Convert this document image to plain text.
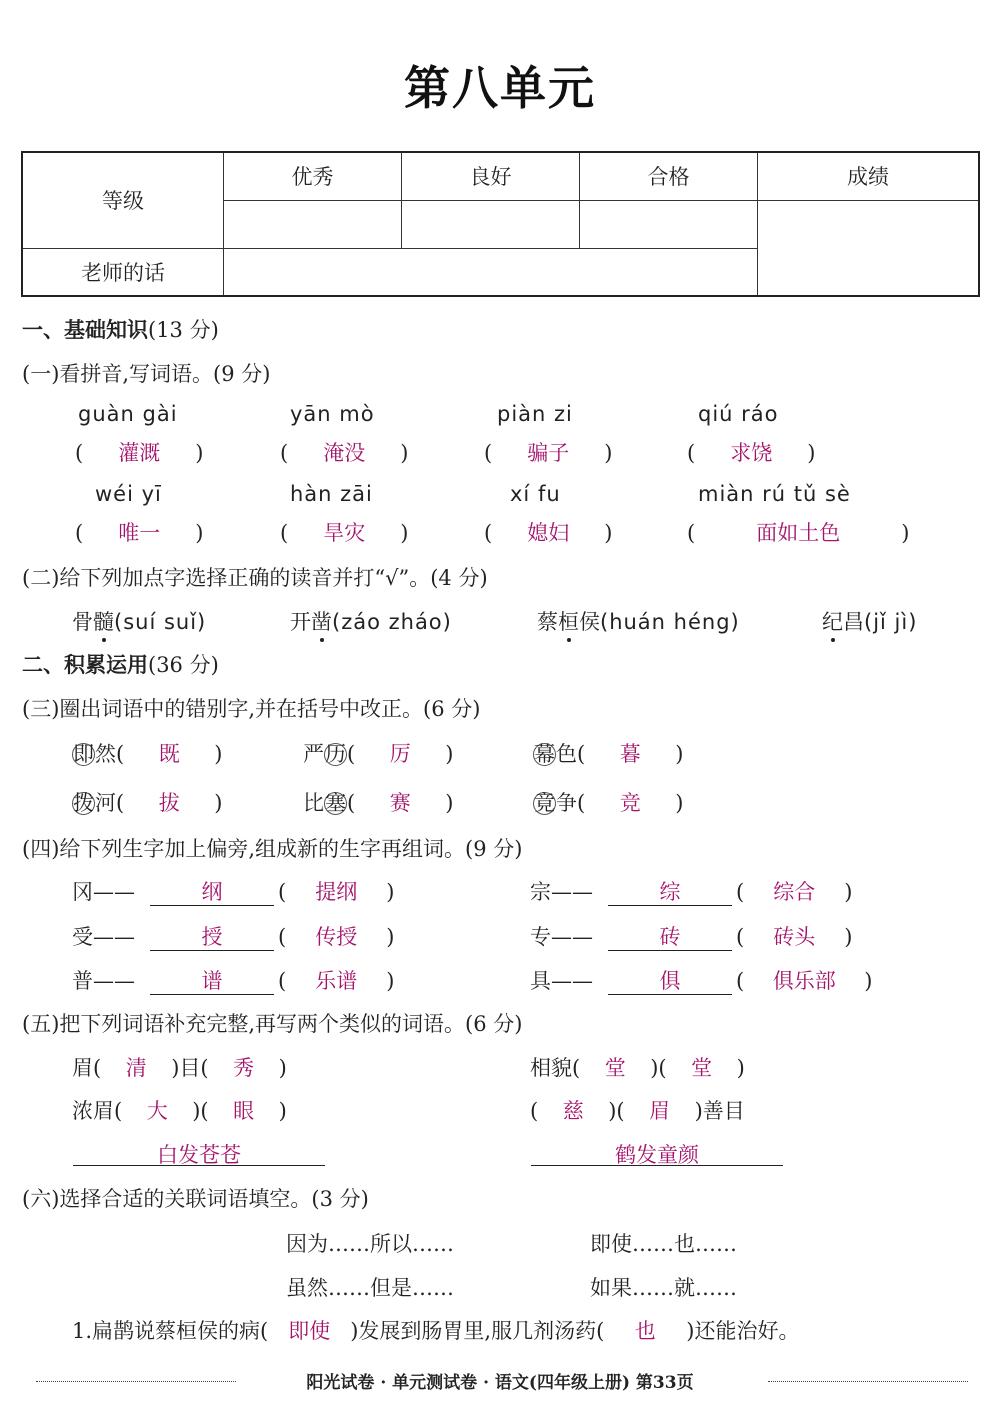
第八单元
等级	优秀	良好	合格	成绩

老师的话				
一、基础知识(13 分)
(一)看拼音,写词语。(9 分)
guàn gài	yān mò	piàn zi	qiú ráo
( 灌溉 )	( 淹没 )	( 骗子 )	( 求饶 )
wéi yī	hàn zāi	xí fu	miàn rú tǔ sè
( 唯一 )	( 旱灾 )	( 媳妇 )	(	面如土色	)
(二)给下列加点字选择正确的读音并打“√”。(4 分)
骨髓(suí suǐ)	开凿(záo zháo)	蔡桓侯(huán héng)	纪昌(jǐ jì)
二、积累运用(36 分)
(三)圈出词语中的错别字,并在括号中改正。(6 分)
即然( 既 )	严历( 厉 )	幕色( 暮 )
拨河( 拔 )	比塞( 赛 )	竟争( 竞 )
(四)给下列生字加上偏旁,组成新的生字再组词。(9 分)
冈——	纲	( 提纲 )	宗——	综	( 综合 )
受——	授	( 传授 )	专——	砖	( 砖头 )
普——	谱	( 乐谱 )	具——	俱	( 俱乐部 )
(五)把下列词语补充完整,再写两个类似的词语。(6 分)
眉( 清 )目( 秀 )	相貌( 堂 )( 堂 )
浓眉( 大 )( 眼 )	( 慈 )( 眉 )善目
白发苍苍	鹤发童颜
(六)选择合适的关联词语填空。(3 分)
因为……所以……	即使……也……
虽然……但是……	如果……就……
1.扁鹊说蔡桓侯的病( 即使 )发展到肠胃里,服几剂汤药( 也 )还能治好。
阳光试卷 · 单元测试卷 · 语文(四年级上册) 第33页
